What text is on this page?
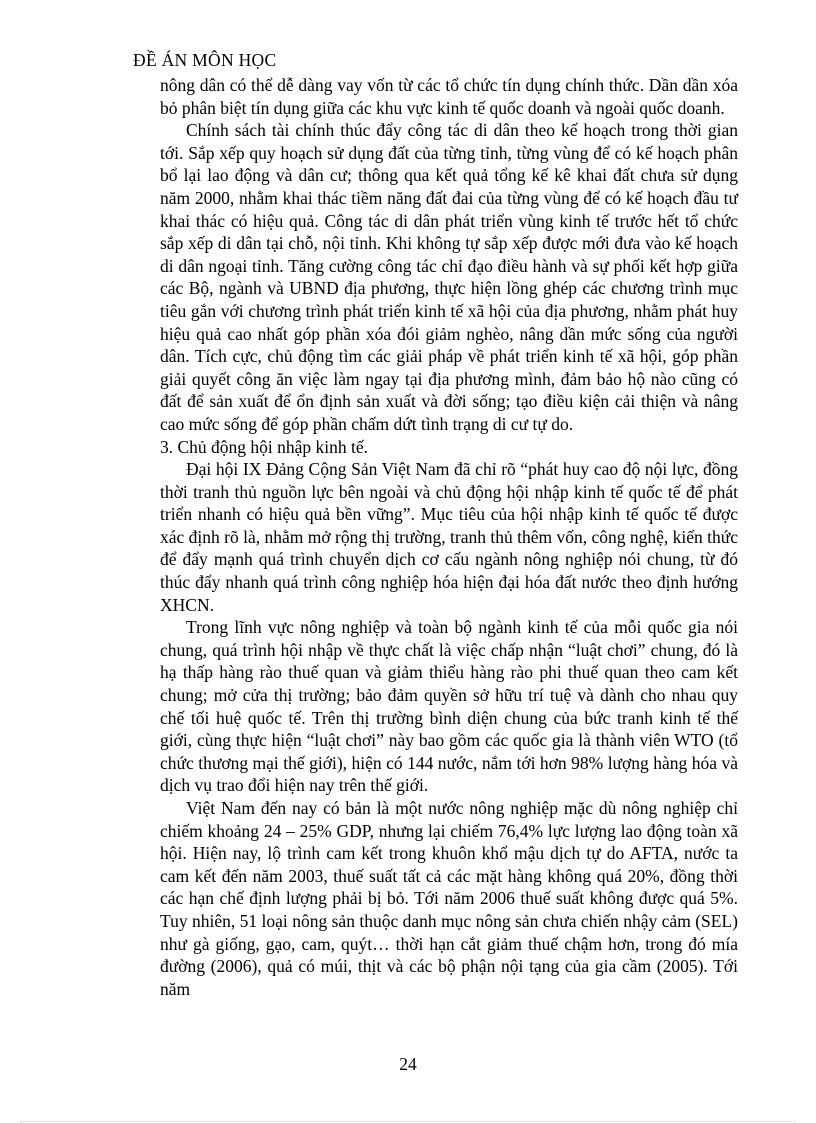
ĐỀ ÁN MÔN HỌC

nông dân có thể dễ dàng vay vốn từ các tổ chức tín dụng chính thức. Dần dần xóa bỏ phân biệt tín dụng giữa các khu vực kinh tế quốc doanh và ngoài quốc doanh.

Chính sách tài chính thúc đẩy công tác di dân theo kế hoạch trong thời gian tới. Sắp xếp quy hoạch sử dụng đất của từng tỉnh, từng vùng để có kế hoạch phân bổ lại lao động và dân cư; thông qua kết quả tổng kế kê khai đất chưa sử dụng năm 2000, nhằm khai thác tiềm năng đất đai của từng vùng để có kế hoạch đầu tư khai thác có hiệu quả. Công tác di dân phát triển vùng kinh tế trước hết tổ chức sắp xếp di dân tại chỗ, nội tỉnh. Khi không tự sắp xếp được mới đưa vào kế hoạch di dân ngoại tỉnh. Tăng cường công tác chỉ đạo điều hành và sự phối kết hợp giữa các Bộ, ngành và UBND địa phương, thực hiện lồng ghép các chương trình mục tiêu gắn với chương trình phát triển kinh tế xã hội của địa phương, nhằm phát huy hiệu quả cao nhất góp phần xóa đói giảm nghèo, nâng dần mức sống của người dân. Tích cực, chủ động tìm các giải pháp về phát triển kinh tế xã hội, góp phần giải quyết công ăn việc làm ngay tại địa phương mình, đảm bảo hộ nào cũng có đất để sản xuất để ổn định sản xuất và đời sống; tạo điều kiện cải thiện và nâng cao mức sống để góp phần chấm dứt tình trạng di cư tự do.

3. Chủ động hội nhập kinh tế.

Đại hội IX Đảng Cộng Sản Việt Nam đã chỉ rõ “phát huy cao độ nội lực, đồng thời tranh thủ nguồn lực bên ngoài và chủ động hội nhập kinh tế quốc tế để phát triển nhanh có hiệu quả bền vững”. Mục tiêu của hội nhập kinh tế quốc tế được xác định rõ là, nhằm mở rộng thị trường, tranh thủ thêm vốn, công nghệ, kiến thức để đẩy mạnh quá trình chuyển dịch cơ cấu ngành nông nghiệp nói chung, từ đó thúc đẩy nhanh quá trình công nghiệp hóa hiện đại hóa đất nước theo định hướng XHCN.

Trong lĩnh vực nông nghiệp và toàn bộ ngành kinh tế của mỗi quốc gia nói chung, quá trình hội nhập về thực chất là việc chấp nhận “luật chơi” chung, đó là hạ thấp hàng rào thuế quan và giảm thiểu hàng rào phi thuế quan theo cam kết chung; mở cửa thị trường; bảo đảm quyền sở hữu trí tuệ và dành cho nhau quy chế tối huệ quốc tế. Trên thị trường bình diện chung của bức tranh kinh tế thế giới, cùng thực hiện “luật chơi” này bao gồm các quốc gia là thành viên WTO (tổ chức thương mại thế giới), hiện có 144 nước, nắm tới hơn 98% lượng hàng hóa và dịch vụ trao đổi hiện nay trên thế giới.

Việt Nam đến nay có bản là một nước nông nghiệp mặc dù nông nghiệp chỉ chiếm khoảng 24 – 25% GDP, nhưng lại chiếm 76,4% lực lượng lao động toàn xã hội. Hiện nay, lộ trình cam kết trong khuôn khổ mậu dịch tự do AFTA, nước ta cam kết đến năm 2003, thuế suất tất cả các mặt hàng không quá 20%, đồng thời các hạn chế định lượng phải bị bỏ. Tới năm 2006 thuế suất không được quá 5%. Tuy nhiên, 51 loại nông sản thuộc danh mục nông sản chưa chiến nhậy cảm (SEL) như gà giống, gạo, cam, quýt… thời hạn cắt giảm thuế chậm hơn, trong đó mía đường (2006), quả có múi, thịt và các bộ phận nội tạng của gia cầm (2005). Tới năm

24
